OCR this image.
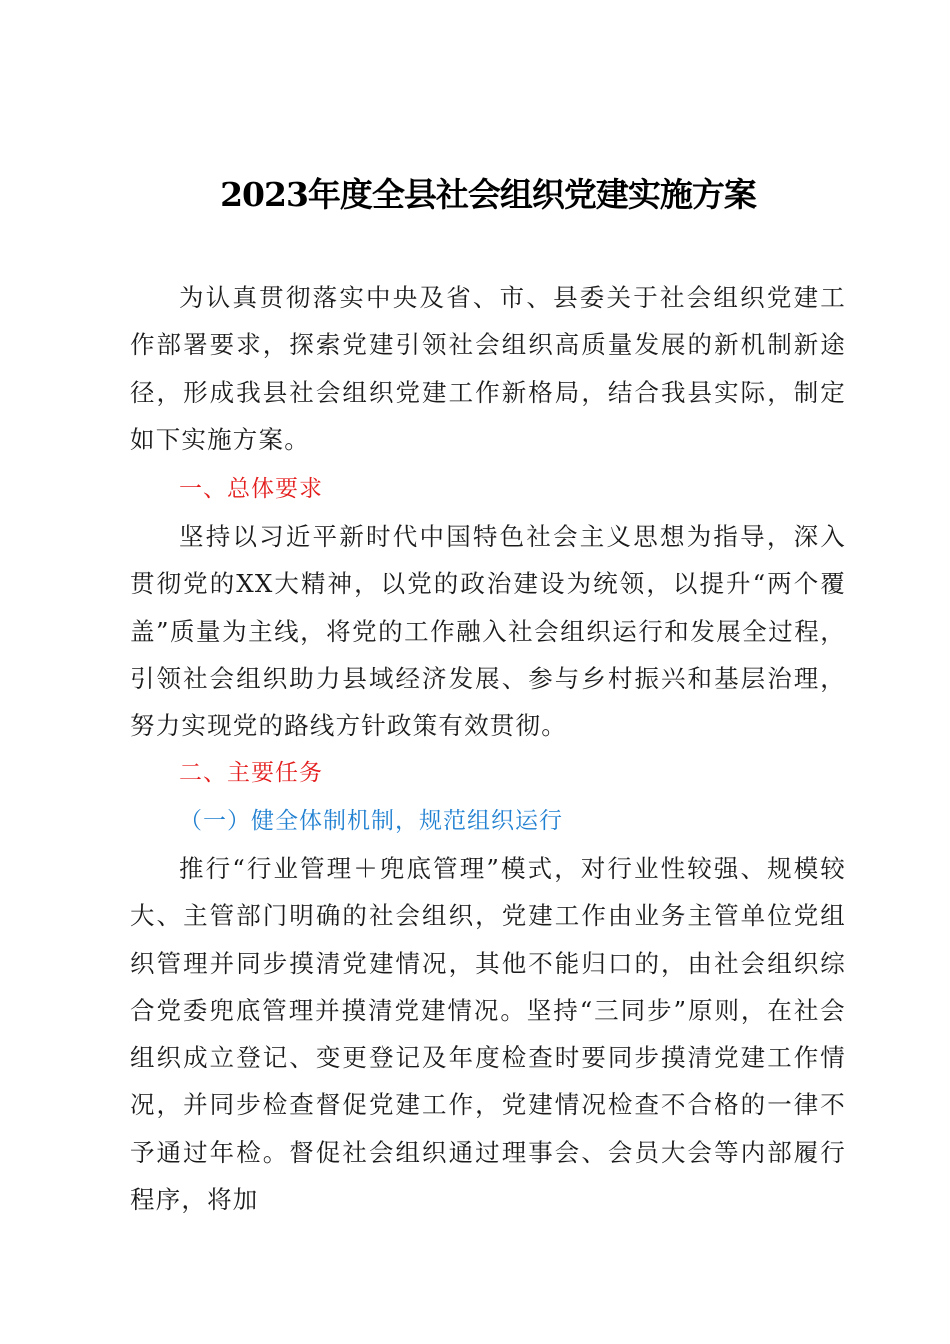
2023年度全县社会组织党建实施方案
为认真贯彻落实中央及省、市、县委关于社会组织党建工作部署要求，探索党建引领社会组织高质量发展的新机制新途径，形成我县社会组织党建工作新格局，结合我县实际，制定如下实施方案。
一、总体要求
坚持以习近平新时代中国特色社会主义思想为指导，深入贯彻党的XX大精神，以党的政治建设为统领，以提升“两个覆盖”质量为主线，将党的工作融入社会组织运行和发展全过程，引领社会组织助力县域经济发展、参与乡村振兴和基层治理，努力实现党的路线方针政策有效贯彻。
二、主要任务
（一）健全体制机制，规范组织运行
推行“行业管理＋兜底管理”模式，对行业性较强、规模较大、主管部门明确的社会组织，党建工作由业务主管单位党组织管理并同步摸清党建情况，其他不能归口的，由社会组织综合党委兜底管理并摸清党建情况。坚持“三同步”原则，在社会组织成立登记、变更登记及年度检查时要同步摸清党建工作情况，并同步检查督促党建工作，党建情况检查不合格的一律不予通过年检。督促社会组织通过理事会、会员大会等内部履行程序，将加
